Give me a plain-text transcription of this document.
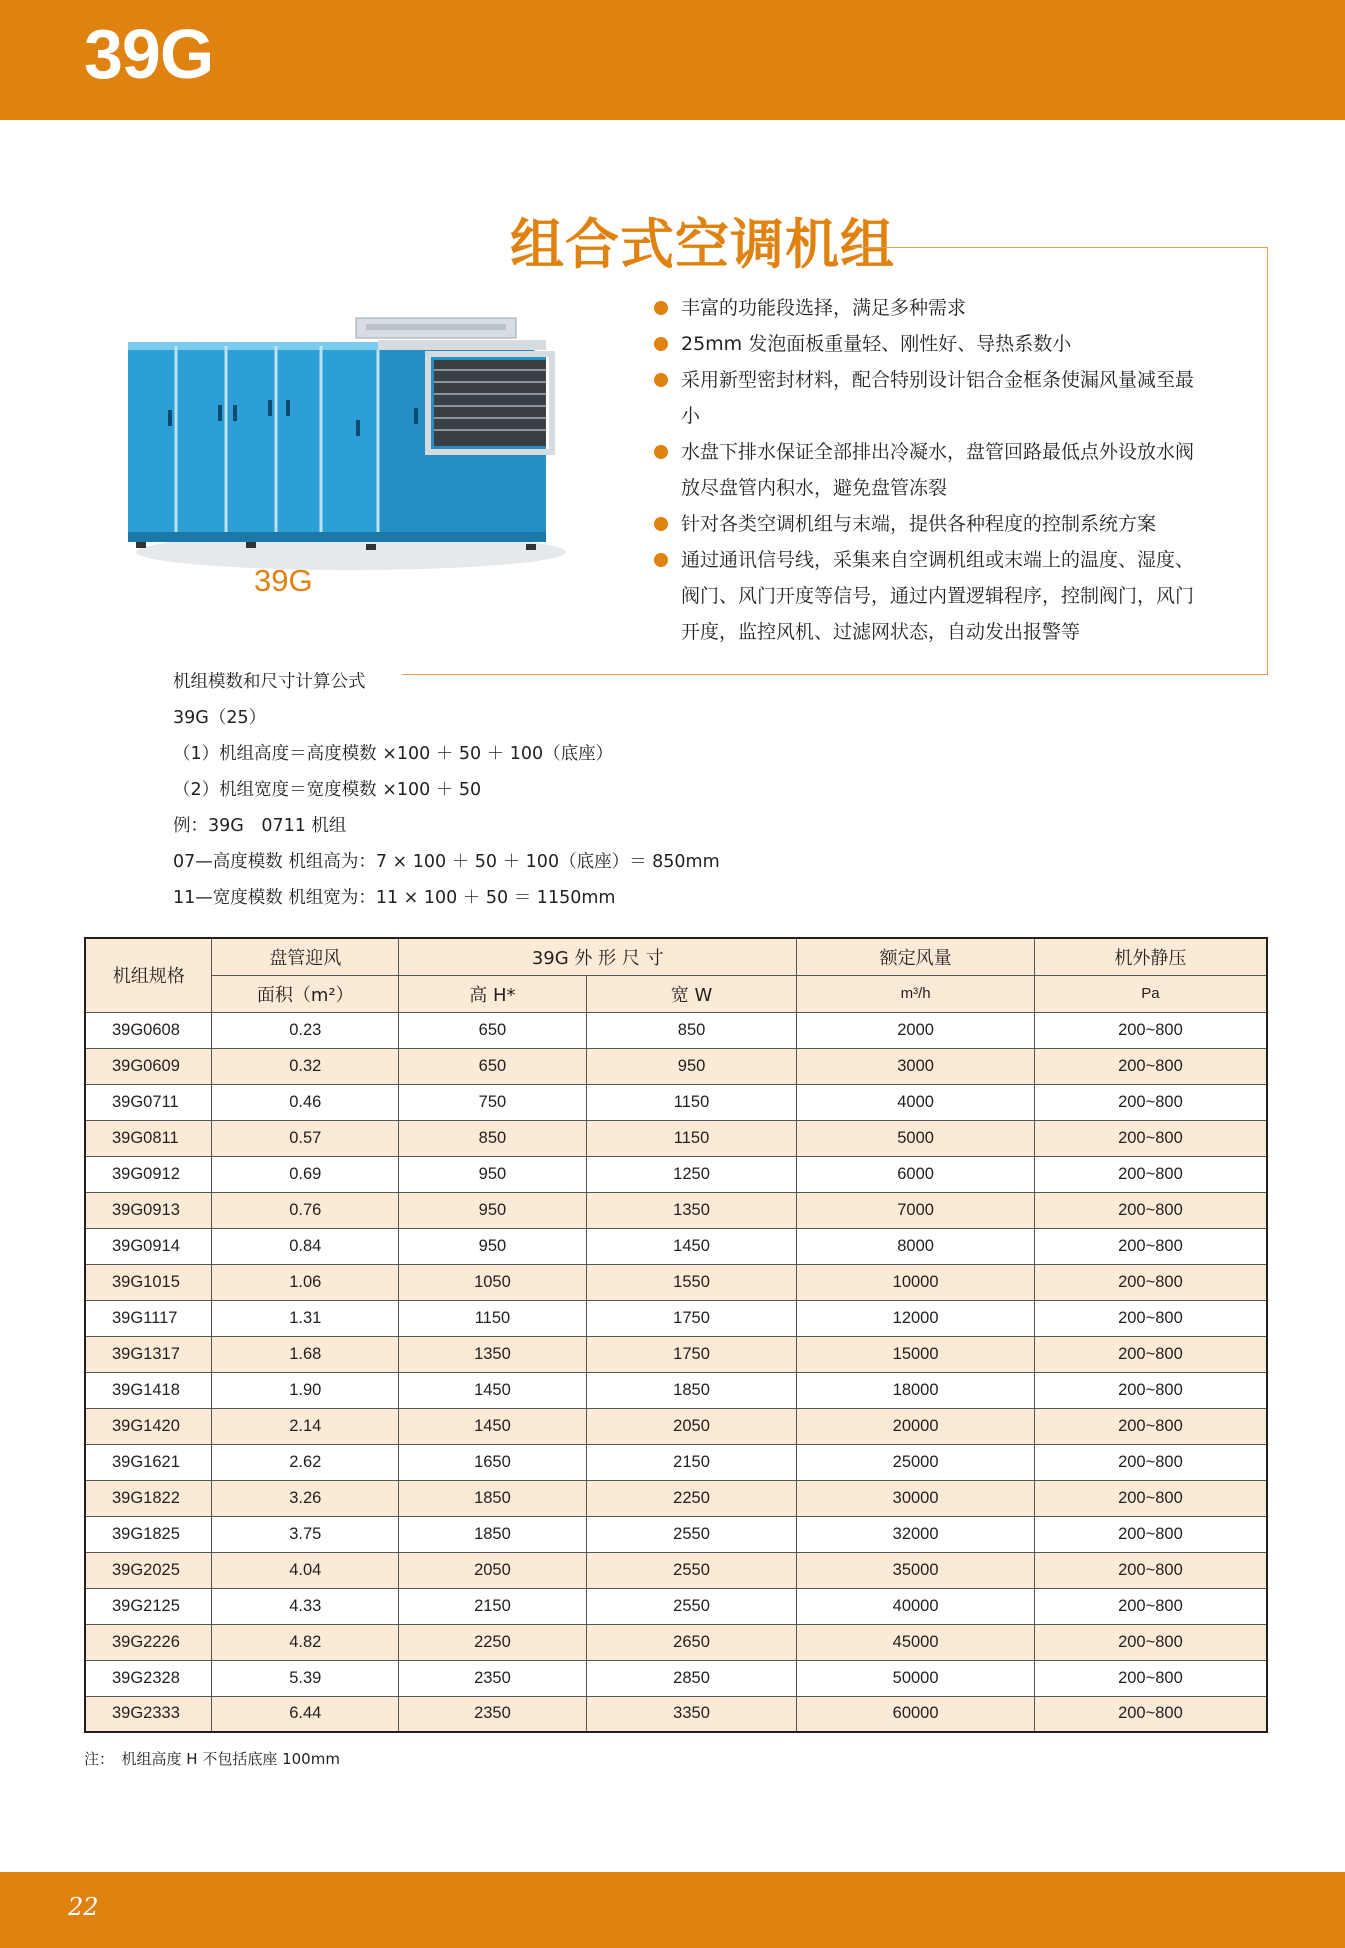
39G
组合式空调机组
39G
丰富的功能段选择，满足多种需求
25mm 发泡面板重量轻、刚性好、导热系数小
采用新型密封材料，配合特别设计铝合金框条使漏风量减至最小
水盘下排水保证全部排出冷凝水，盘管回路最低点外设放水阀放尽盘管内积水，避免盘管冻裂
针对各类空调机组与末端，提供各种程度的控制系统方案
通过通讯信号线，采集来自空调机组或末端上的温度、湿度、阀门、风门开度等信号，通过内置逻辑程序，控制阀门，风门开度，监控风机、过滤网状态，自动发出报警等
机组模数和尺寸计算公式
39G（25）
（1）机组高度＝高度模数 ×100 ＋ 50 ＋ 100（底座）
（2）机组宽度＝宽度模数 ×100 ＋ 50
例：39G　0711 机组
07—高度模数 机组高为：7 × 100 ＋ 50 ＋ 100（底座）＝ 850mm
11—宽度模数 机组宽为：11 × 100 ＋ 50 ＝ 1150mm
机组规格	盘管迎风	39G 外 形 尺 寸		额定风量	机外静压
	面积（m²）	高 H*	宽 W	m³/h	Pa
39G0608	0.23	650	850	2000	200~800
39G0609	0.32	650	950	3000	200~800
39G0711	0.46	750	1150	4000	200~800
39G0811	0.57	850	1150	5000	200~800
39G0912	0.69	950	1250	6000	200~800
39G0913	0.76	950	1350	7000	200~800
39G0914	0.84	950	1450	8000	200~800
39G1015	1.06	1050	1550	10000	200~800
39G1117	1.31	1150	1750	12000	200~800
39G1317	1.68	1350	1750	15000	200~800
39G1418	1.90	1450	1850	18000	200~800
39G1420	2.14	1450	2050	20000	200~800
39G1621	2.62	1650	2150	25000	200~800
39G1822	3.26	1850	2250	30000	200~800
39G1825	3.75	1850	2550	32000	200~800
39G2025	4.04	2050	2550	35000	200~800
39G2125	4.33	2150	2550	40000	200~800
39G2226	4.82	2250	2650	45000	200~800
39G2328	5.39	2350	2850	50000	200~800
39G2333	6.44	2350	3350	60000	200~800
注：　机组高度 H 不包括底座 100mm
22
